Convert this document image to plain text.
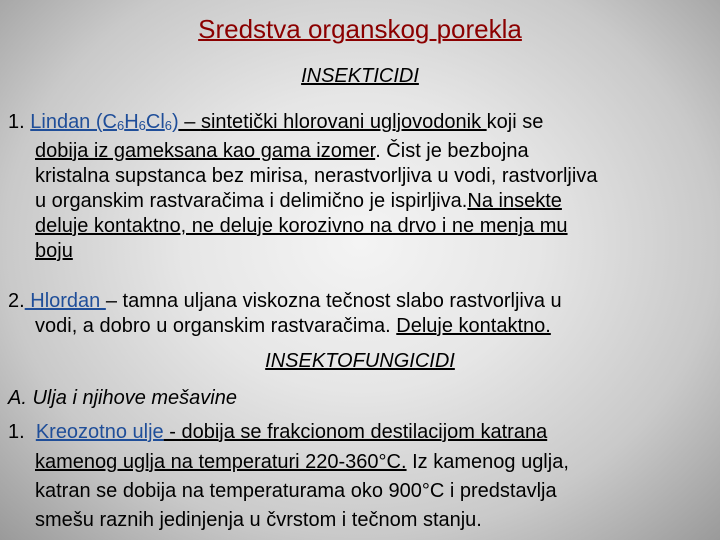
Sredstva organskog porekla
INSEKTICIDI
1. Lindan $(C_6H_6Cl_6)$ – sintetički hlorovani ugljovodonik koji se
dobija iz gameksana kao gama izomer. Čist je bezbojna
kristalna supstanca bez mirisa, nerastvorljiva u vodi, rastvorljiva
u organskim rastvaračima i delimično je ispirljiva.Na insekte
deluje kontaktno, ne deluje korozivno na drvo i ne menja mu
boju
2. Hlordan – tamna uljana viskozna tečnost slabo rastvorljiva u
vodi, a dobro u organskim rastvaračima. Deluje kontaktno.
INSEKTOFUNGICIDI
A. Ulja i njihove mešavine
1. Kreozotno ulje - dobija se frakcionom destilacijom katrana
kamenog uglja na temperaturi 220-360°C. Iz kamenog uglja,
katran se dobija na temperaturama oko 900°C i predstavlja
smešu raznih jedinjenja u čvrstom i tečnom stanju.
